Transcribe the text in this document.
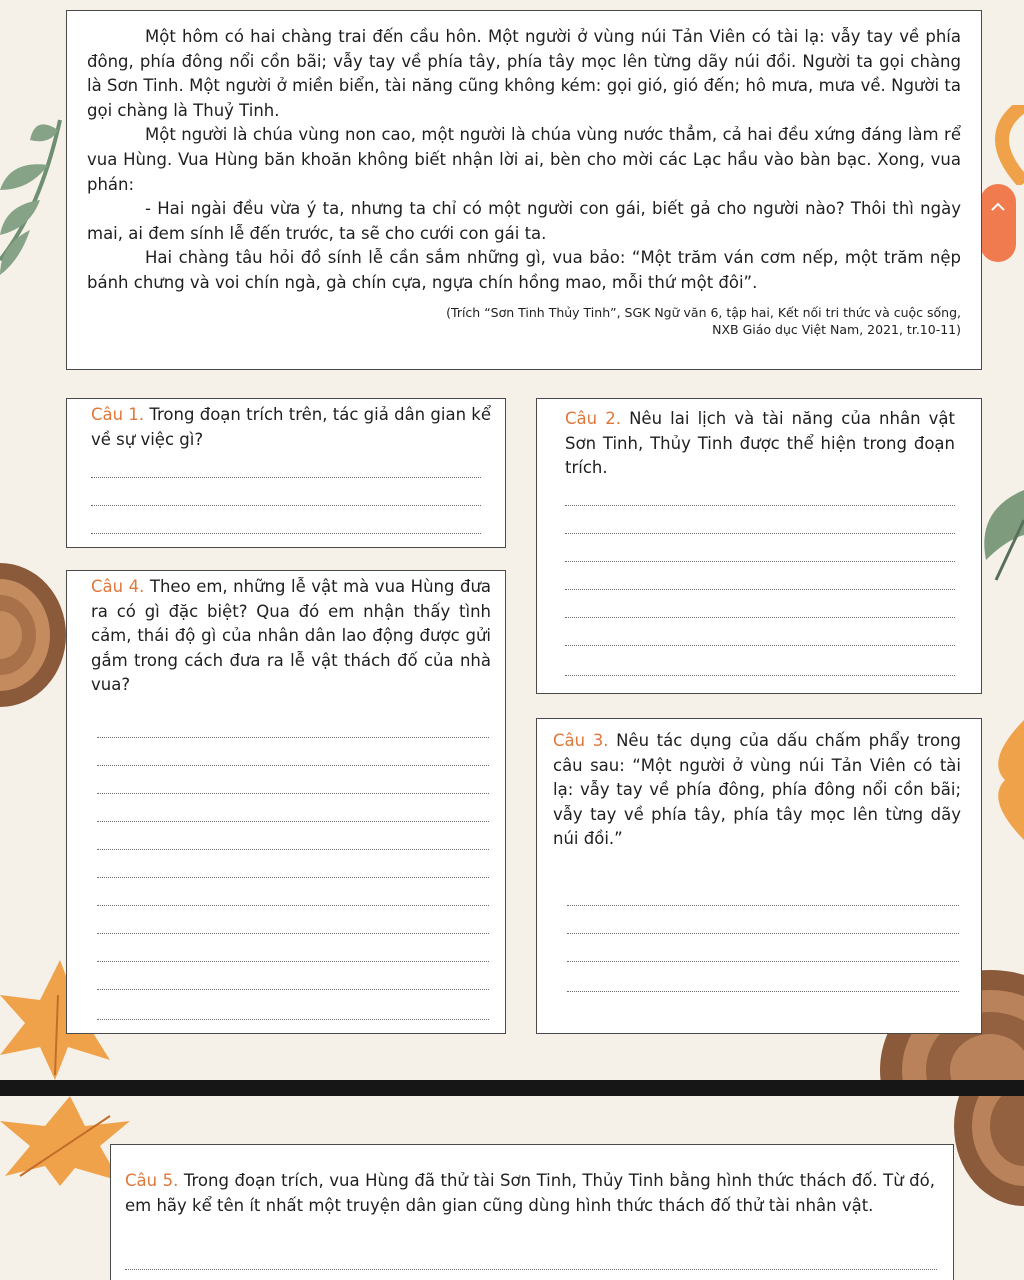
Một hôm có hai chàng trai đến cầu hôn. Một người ở vùng núi Tản Viên có tài lạ: vẫy tay về phía đông, phía đông nổi cồn bãi; vẫy tay về phía tây, phía tây mọc lên từng dãy núi đồi. Người ta gọi chàng là Sơn Tinh. Một người ở miền biển, tài năng cũng không kém: gọi gió, gió đến; hô mưa, mưa về. Người ta gọi chàng là Thuỷ Tinh.

Một người là chúa vùng non cao, một người là chúa vùng nước thẳm, cả hai đều xứng đáng làm rể vua Hùng. Vua Hùng băn khoăn không biết nhận lời ai, bèn cho mời các Lạc hầu vào bàn bạc. Xong, vua phán:

- Hai ngài đều vừa ý ta, nhưng ta chỉ có một người con gái, biết gả cho người nào? Thôi thì ngày mai, ai đem sính lễ đến trước, ta sẽ cho cưới con gái ta.

Hai chàng tâu hỏi đồ sính lễ cần sắm những gì, vua bảo: “Một trăm ván cơm nếp, một trăm nệp bánh chưng và voi chín ngà, gà chín cựa, ngựa chín hồng mao, mỗi thứ một đôi”.

(Trích “Sơn Tinh Thủy Tinh”, SGK Ngữ văn 6, tập hai, Kết nối tri thức và cuộc sống,
NXB Giáo dục Việt Nam, 2021, tr.10-11)
Câu 1. Trong đoạn trích trên, tác giả dân gian kể về sự việc gì?
Câu 2. Nêu lai lịch và tài năng của nhân vật Sơn Tinh, Thủy Tinh được thể hiện trong đoạn trích.
Câu 4. Theo em, những lễ vật mà vua Hùng đưa ra có gì đặc biệt? Qua đó em nhận thấy tình cảm, thái độ gì của nhân dân lao động được gửi gắm trong cách đưa ra lễ vật thách đố của nhà vua?
Câu 3. Nêu tác dụng của dấu chấm phẩy trong câu sau: “Một người ở vùng núi Tản Viên có tài lạ: vẫy tay về phía đông, phía đông nổi cồn bãi; vẫy tay về phía tây, phía tây mọc lên từng dãy núi đồi.”
Câu 5. Trong đoạn trích, vua Hùng đã thử tài Sơn Tinh, Thủy Tinh bằng hình thức thách đố. Từ đó, em hãy kể tên ít nhất một truyện dân gian cũng dùng hình thức thách đố thử tài nhân vật.
